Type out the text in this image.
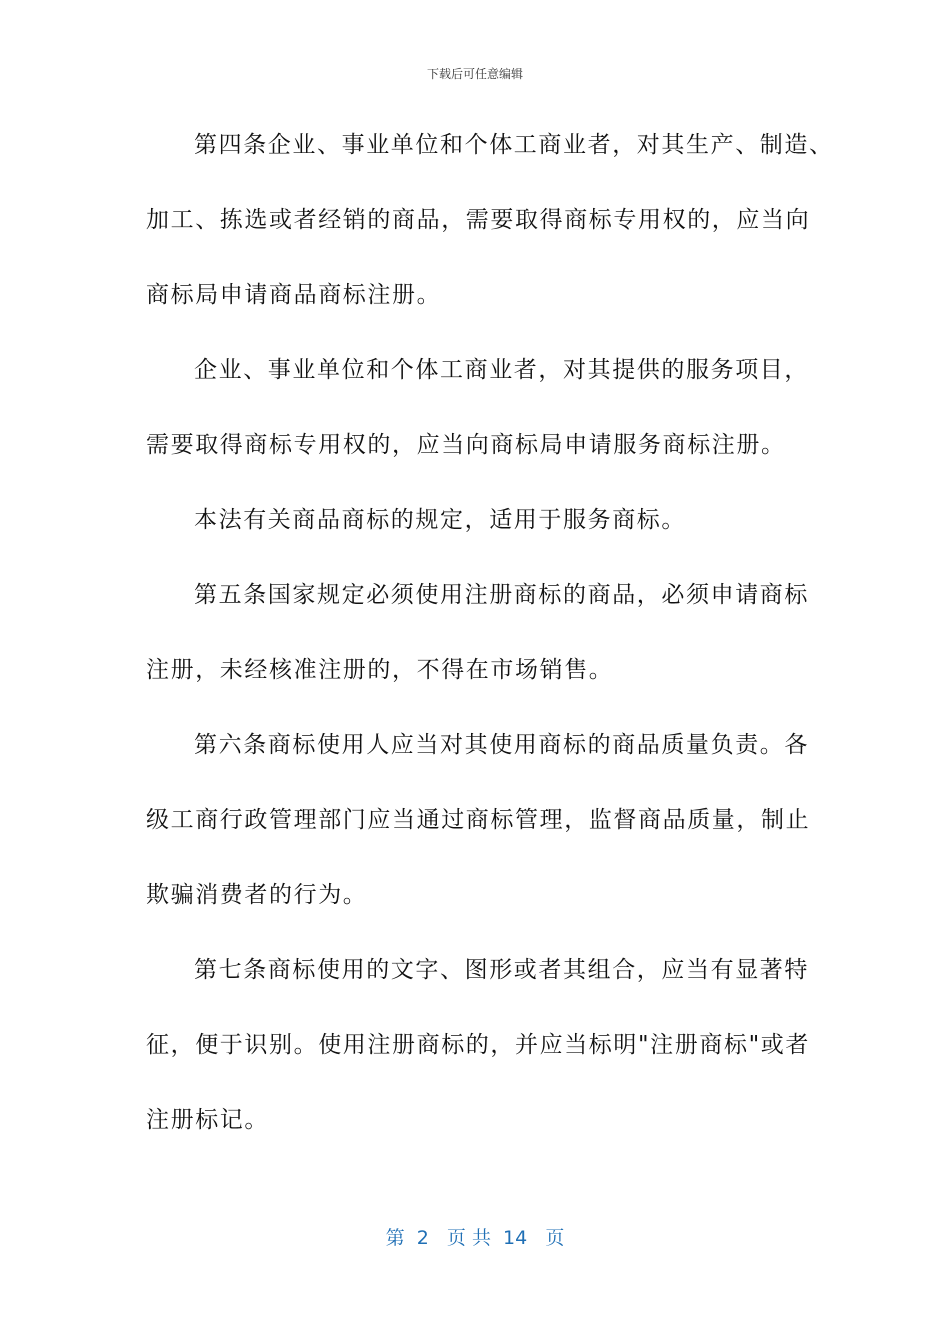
下载后可任意编辑
第四条企业、事业单位和个体工商业者，对其生产、制造、
加工、拣选或者经销的商品，需要取得商标专用权的，应当向
商标局申请商品商标注册。
企业、事业单位和个体工商业者，对其提供的服务项目，
需要取得商标专用权的，应当向商标局申请服务商标注册。
本法有关商品商标的规定，适用于服务商标。
第五条国家规定必须使用注册商标的商品，必须申请商标
注册，未经核准注册的，不得在市场销售。
第六条商标使用人应当对其使用商标的商品质量负责。各
级工商行政管理部门应当通过商标管理，监督商品质量，制止
欺骗消费者的行为。
第七条商标使用的文字、图形或者其组合，应当有显著特
征，便于识别。使用注册商标的，并应当标明"注册商标"或者
注册标记。
第  2   页 共  14   页
